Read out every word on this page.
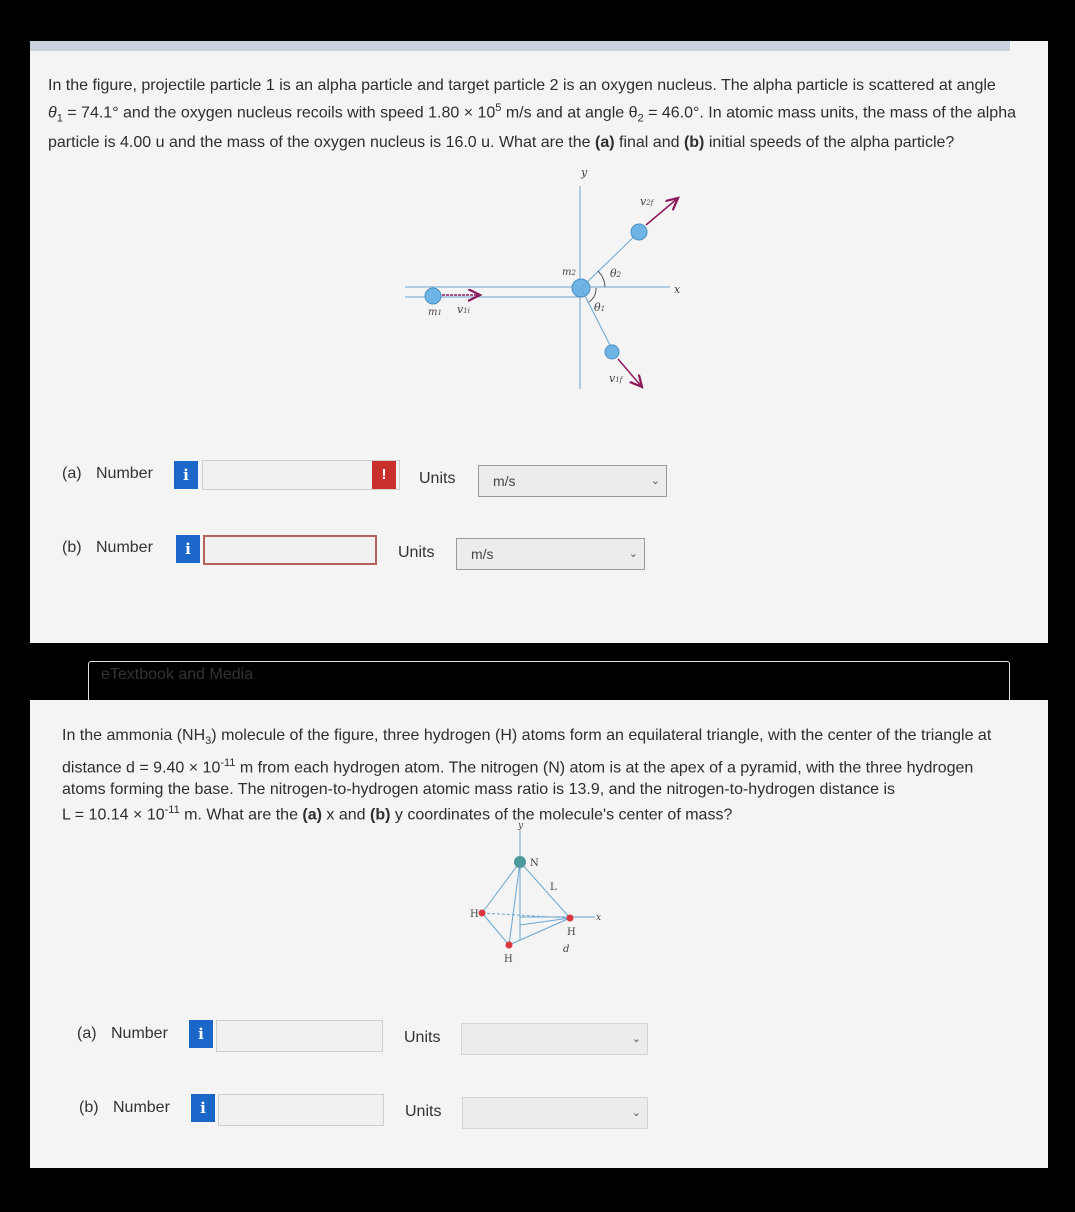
In the figure, projectile particle 1 is an alpha particle and target particle 2 is an oxygen nucleus. The alpha particle is scattered at angle
$\theta_1 = 74.1^\circ$ and the oxygen nucleus recoils with speed $1.80 \times 10^5$ m/s and at angle $\theta_2 = 46.0^\circ$. In atomic mass units, the mass of the alpha
particle is 4.00 u and the mass of the oxygen nucleus is 16.0 u. What are the (a) final and (b) initial speeds of the alpha particle?
y
x
m1 v1i
m2
v2f
θ2
v1f
θ1
(a) Number	i	!	Units	m/s	⌄
(b) Number	i	Units	m/s	⌄
eTextbook and Media
In the ammonia $(NH_3)$ molecule of the figure, three hydrogen (H) atoms form an equilateral triangle, with the center of the triangle at
distance $d = 9.40 \times 10^{-11}$ m from each hydrogen atom. The nitrogen (N) atom is at the apex of a pyramid, with the three hydrogen
atoms forming the base. The nitrogen-to-hydrogen atomic mass ratio is 13.9, and the nitrogen-to-hydrogen distance is
$L = 10.14 \times 10^{-11}$ m. What are the (a) x and (b) y coordinates of the molecule's center of mass?
y
x
N
L
d
H
H
H
(a) Number	i	Units	⌄
(b) Number	i	Units	⌄
